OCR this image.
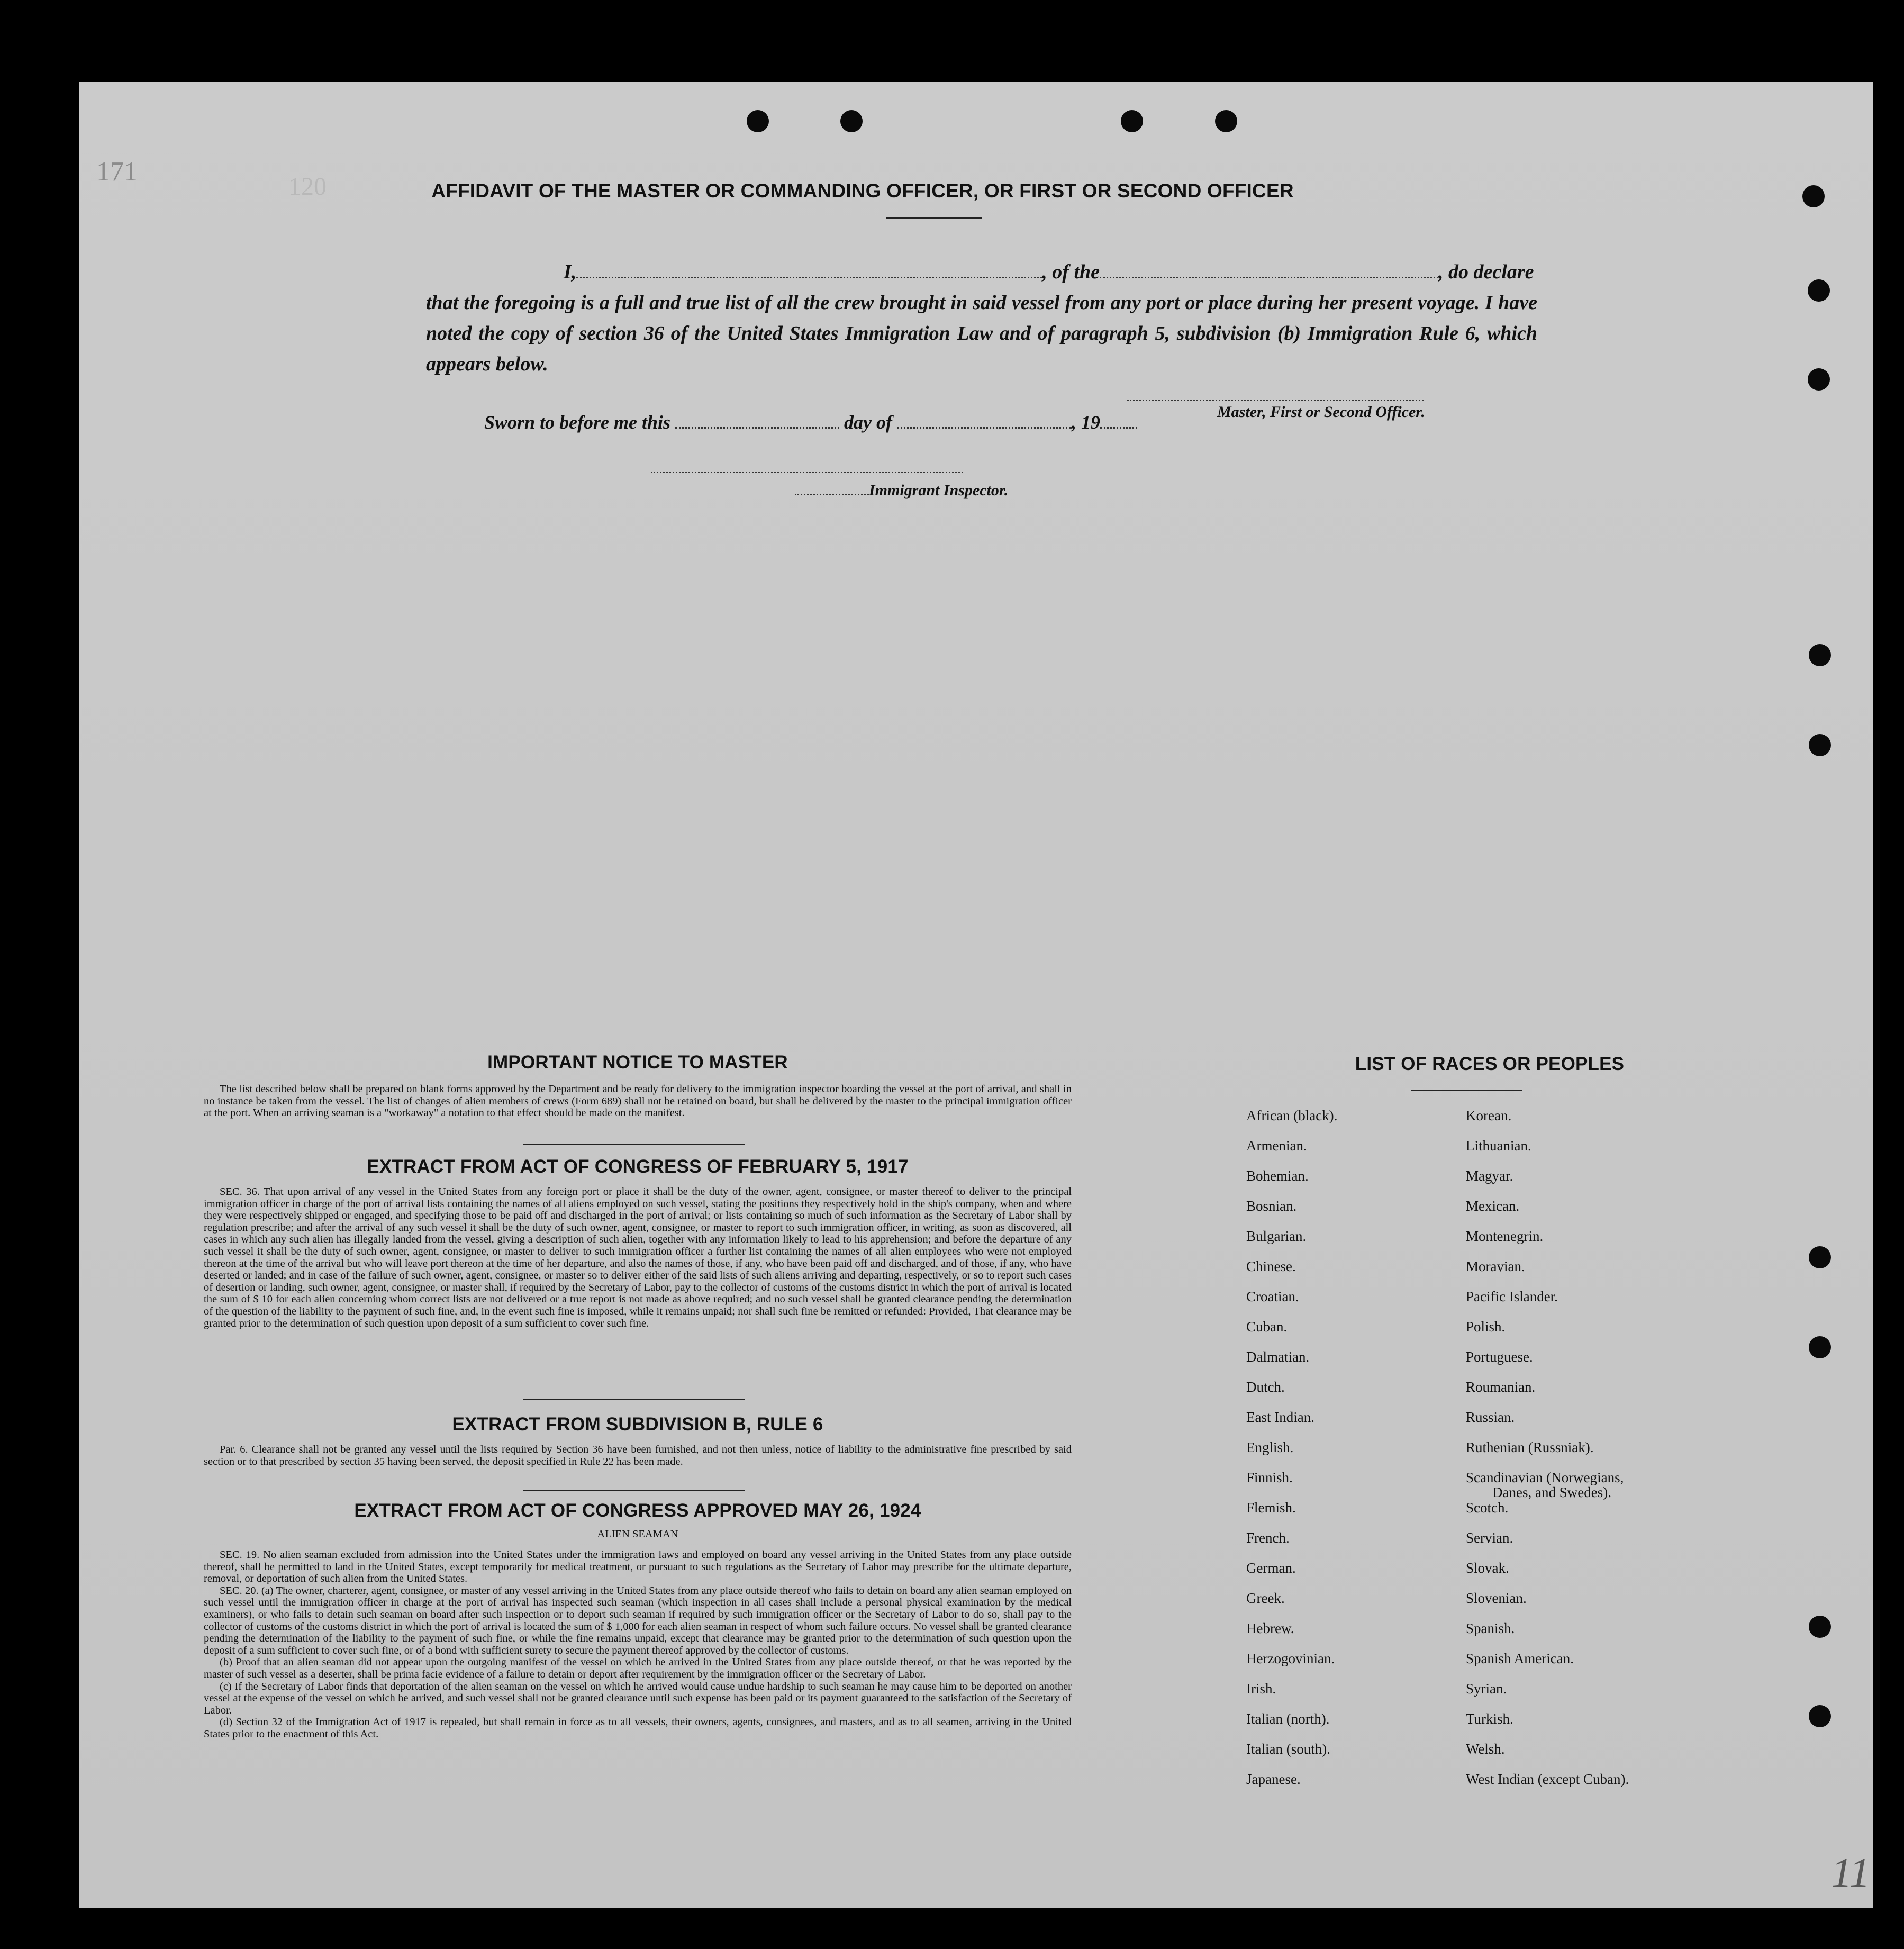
171	120
11
AFFIDAVIT OF THE MASTER OR COMMANDING OFFICER, OR FIRST OR SECOND OFFICER
I,	, of the	, do declare
that the foregoing is a full and true list of all the crew brought in said vessel from any port or place during her present voyage. I have noted the copy of section 36 of the United States Immigration Law and of paragraph 5, subdivision (b) Immigration Rule 6, which appears below.
Master, First or Second Officer.
Sworn to before me this	day of	, 19
Immigrant Inspector.
IMPORTANT NOTICE TO MASTER

The list described below shall be prepared on blank forms approved by the Department and be ready for delivery to the immigration inspector boarding the vessel at the port of arrival, and shall in no instance be taken from the vessel. The list of changes of alien members of crews (Form 689) shall not be retained on board, but shall be delivered by the master to the principal immigration officer at the port. When an arriving seaman is a "workaway" a notation to that effect should be made on the manifest.

EXTRACT FROM ACT OF CONGRESS OF FEBRUARY 5, 1917

SEC. 36. That upon arrival of any vessel in the United States from any foreign port or place it shall be the duty of the owner, agent, consignee, or master thereof to deliver to the principal immigration officer in charge of the port of arrival lists containing the names of all aliens employed on such vessel, stating the positions they respectively hold in the ship's company, when and where they were respectively shipped or engaged, and specifying those to be paid off and discharged in the port of arrival; or lists containing so much of such information as the Secretary of Labor shall by regulation prescribe; and after the arrival of any such vessel it shall be the duty of such owner, agent, consignee, or master to report to such immigration officer, in writing, as soon as discovered, all cases in which any such alien has illegally landed from the vessel, giving a description of such alien, together with any information likely to lead to his apprehension; and before the departure of any such vessel it shall be the duty of such owner, agent, consignee, or master to deliver to such immigration officer a further list containing the names of all alien employees who were not employed thereon at the time of the arrival but who will leave port thereon at the time of her departure, and also the names of those, if any, who have been paid off and discharged, and of those, if any, who have deserted or landed; and in case of the failure of such owner, agent, consignee, or master so to deliver either of the said lists of such aliens arriving and departing, respectively, or so to report such cases of desertion or landing, such owner, agent, consignee, or master shall, if required by the Secretary of Labor, pay to the collector of customs of the customs district in which the port of arrival is located the sum of $ 10 for each alien concerning whom correct lists are not delivered or a true report is not made as above required; and no such vessel shall be granted clearance pending the determination of the question of the liability to the payment of such fine, and, in the event such fine is imposed, while it remains unpaid; nor shall such fine be remitted or refunded: Provided, That clearance may be granted prior to the determination of such question upon deposit of a sum sufficient to cover such fine.

EXTRACT FROM SUBDIVISION B, RULE 6

Par. 6. Clearance shall not be granted any vessel until the lists required by Section 36 have been furnished, and not then unless, notice of liability to the administrative fine prescribed by said section or to that prescribed by section 35 having been served, the deposit specified in Rule 22 has been made.

EXTRACT FROM ACT OF CONGRESS APPROVED MAY 26, 1924
ALIEN SEAMAN

SEC. 19. No alien seaman excluded from admission into the United States under the immigration laws and employed on board any vessel arriving in the United States from any place outside thereof, shall be permitted to land in the United States, except temporarily for medical treatment, or pursuant to such regulations as the Secretary of Labor may prescribe for the ultimate departure, removal, or deportation of such alien from the United States.

SEC. 20. (a) The owner, charterer, agent, consignee, or master of any vessel arriving in the United States from any place outside thereof who fails to detain on board any alien seaman employed on such vessel until the immigration officer in charge at the port of arrival has inspected such seaman (which inspection in all cases shall include a personal physical examination by the medical examiners), or who fails to detain such seaman on board after such inspection or to deport such seaman if required by such immigration officer or the Secretary of Labor to do so, shall pay to the collector of customs of the customs district in which the port of arrival is located the sum of $ 1,000 for each alien seaman in respect of whom such failure occurs. No vessel shall be granted clearance pending the determination of the liability to the payment of such fine, or while the fine remains unpaid, except that clearance may be granted prior to the determination of such question upon the deposit of a sum sufficient to cover such fine, or of a bond with sufficient surety to secure the payment thereof approved by the collector of customs.

(b) Proof that an alien seaman did not appear upon the outgoing manifest of the vessel on which he arrived in the United States from any place outside thereof, or that he was reported by the master of such vessel as a deserter, shall be prima facie evidence of a failure to detain or deport after requirement by the immigration officer or the Secretary of Labor.

(c) If the Secretary of Labor finds that deportation of the alien seaman on the vessel on which he arrived would cause undue hardship to such seaman he may cause him to be deported on another vessel at the expense of the vessel on which he arrived, and such vessel shall not be granted clearance until such expense has been paid or its payment guaranteed to the satisfaction of the Secretary of Labor.

(d) Section 32 of the Immigration Act of 1917 is repealed, but shall remain in force as to all vessels, their owners, agents, consignees, and masters, and as to all seamen, arriving in the United States prior to the enactment of this Act.

LIST OF RACES OR PEOPLES
African (black).
Armenian.
Bohemian.
Bosnian.
Bulgarian.
Chinese.
Croatian.
Cuban.
Dalmatian.
Dutch.
East Indian.
English.
Finnish.
Flemish.
French.
German.
Greek.
Hebrew.
Herzogovinian.
Irish.
Italian (north).
Italian (south).
Japanese.
Korean.
Lithuanian.
Magyar.
Mexican.
Montenegrin.
Moravian.
Pacific Islander.
Polish.
Portuguese.
Roumanian.
Russian.
Ruthenian (Russniak).
Scandinavian (Norwegians,
Danes, and Swedes).
Scotch.
Servian.
Slovak.
Slovenian.
Spanish.
Spanish American.
Syrian.
Turkish.
Welsh.
West Indian (except Cuban).
